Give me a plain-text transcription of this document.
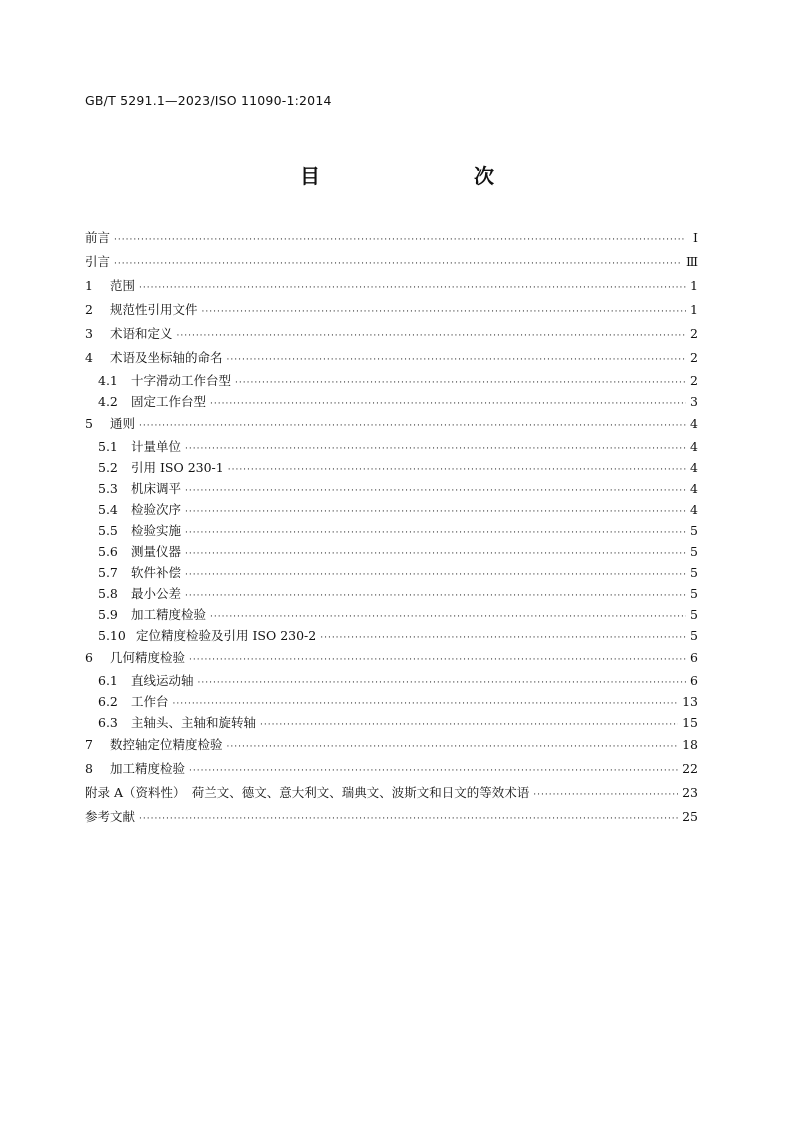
GB/T 5291.1—2023/ISO 11090-1:2014
目　　次
前言 ·····	Ⅰ
引言 ·····	Ⅲ
1	范围 ·····	1
2	规范性引用文件 ·····	1
3	术语和定义 ·····	2
4	术语及坐标轴的命名 ·····	2
4.1	十字滑动工作台型 ·····	2
4.2	固定工作台型 ·····	3
5	通则 ·····	4
5.1	计量单位 ·····	4
5.2	引用 ISO 230-1 ·····	4
5.3	机床调平 ·····	4
5.4	检验次序 ·····	4
5.5	检验实施 ·····	5
5.6	测量仪器 ·····	5
5.7	软件补偿 ·····	5
5.8	最小公差 ·····	5
5.9	加工精度检验 ·····	5
5.10 定位精度检验及引用 ISO 230-2 ·····	5
6	几何精度检验 ·····	6
6.1	直线运动轴 ·····	6
6.2	工作台 ·····	13
6.3	主轴头、主轴和旋转轴 ·····	15
7	数控轴定位精度检验 ·····	18
8	加工精度检验 ·····	22
附录 A（资料性）　荷兰文、德文、意大利文、瑞典文、波斯文和日文的等效术语 ·····	23
参考文献 ·····	25
